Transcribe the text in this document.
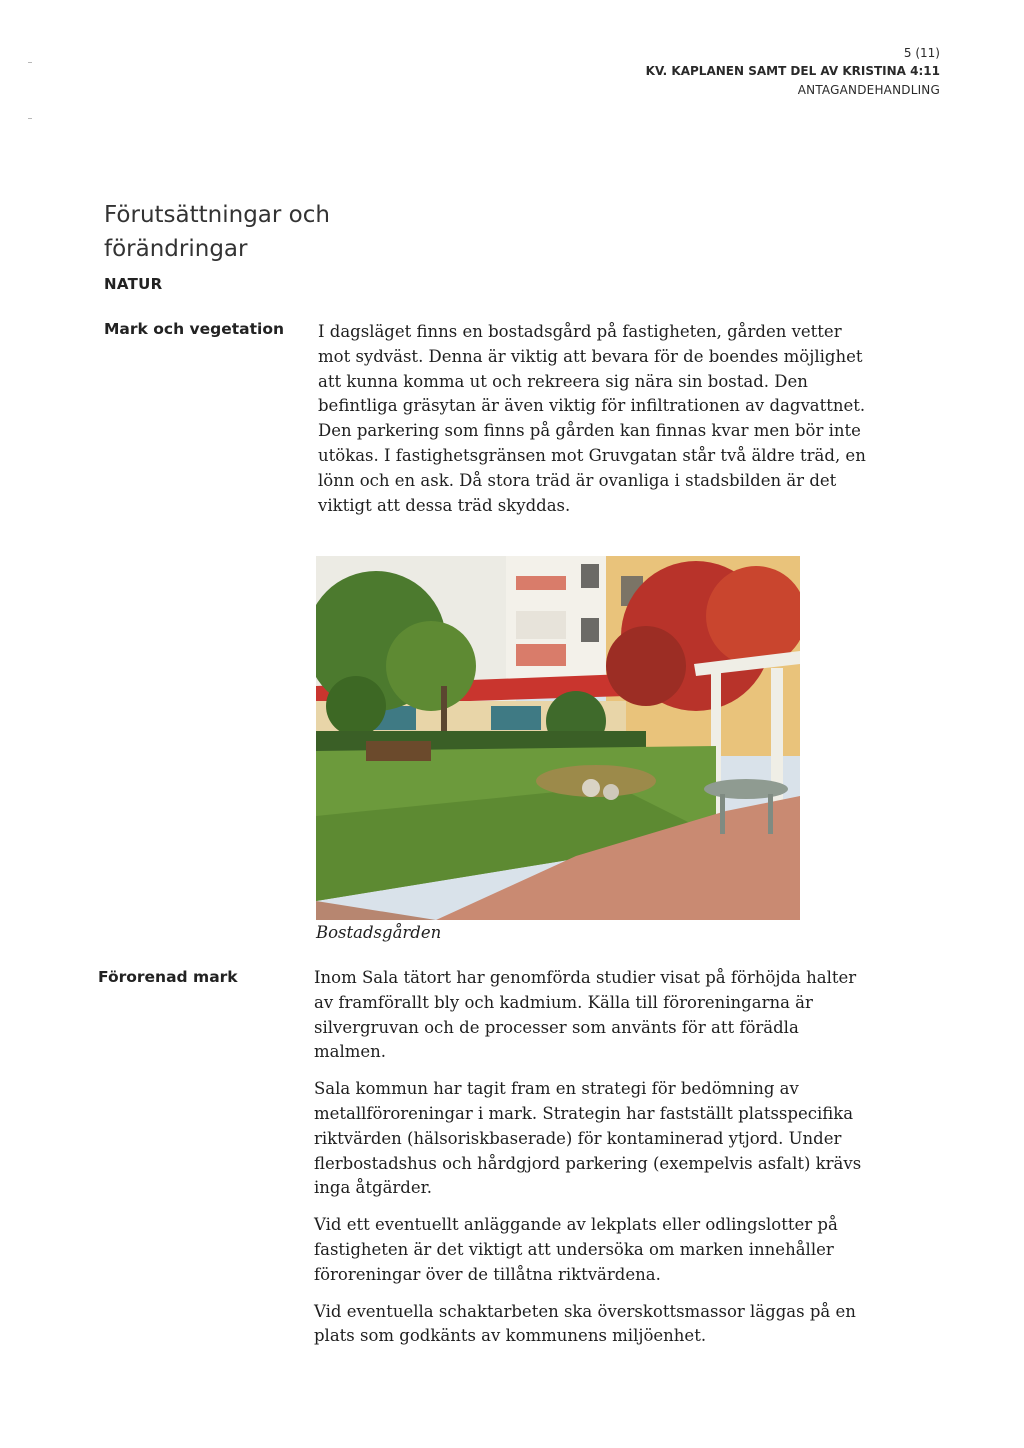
5 (11)
KV. KAPLANEN SAMT DEL AV KRISTINA 4:11
ANTAGANDEHANDLING
Förutsättningar och förändringar
NATUR
Mark och vegetation I dagsläget finns en bostadsgård på fastigheten, gården vetter mot sydväst. Denna är viktig att bevara för de boendes möjlighet att kunna komma ut och rekreera sig nära sin bostad. Den befintliga gräsytan är även viktig för infiltrationen av dagvattnet. Den parkering som finns på gården kan finnas kvar men bör inte utökas. I fastighetsgränsen mot Gruvgatan står två äldre träd, en lönn och en ask. Då stora träd är ovanliga i stadsbilden är det viktigt att dessa träd skyddas.
Bostadsgården
Förorenad mark	Inom Sala tätort har genomförda studier visat på förhöjda halter av framförallt bly och kadmium. Källa till föroreningarna är silvergruvan och de processer som använts för att förädla malmen.

Sala kommun har tagit fram en strategi för bedömning av metallföroreningar i mark. Strategin har fastställt platsspecifika riktvärden (hälsoriskbaserade) för kontaminerad ytjord. Under flerbostadshus och hårdgjord parkering (exempelvis asfalt) krävs inga åtgärder.

Vid ett eventuellt anläggande av lekplats eller odlingslotter på fastigheten är det viktigt att undersöka om marken innehåller föroreningar över de tillåtna riktvärdena.

Vid eventuella schaktarbeten ska överskottsmassor läggas på en plats som godkänts av kommunens miljöenhet.
